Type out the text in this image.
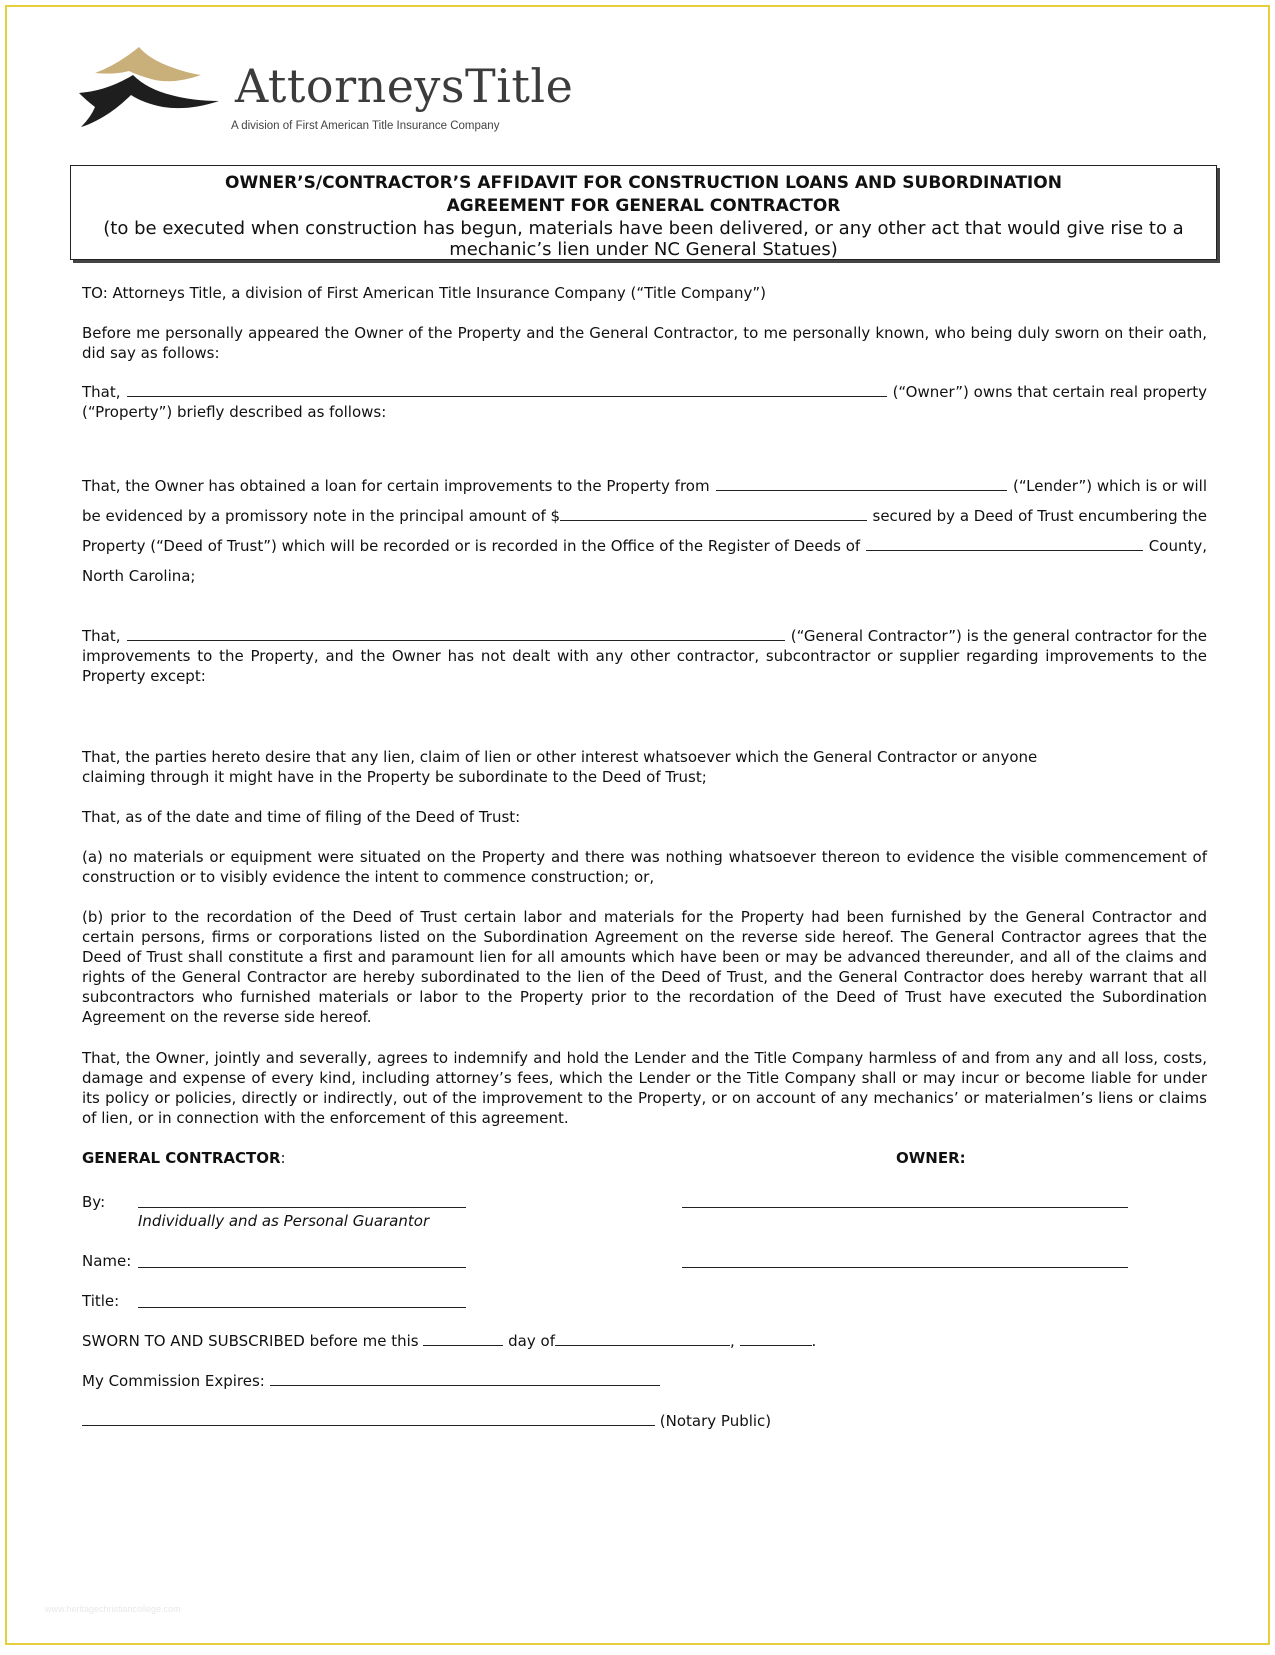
AttorneysTitle
A division of First American Title Insurance Company
OWNER’S/CONTRACTOR’S AFFIDAVIT FOR CONSTRUCTION LOANS AND SUBORDINATION
AGREEMENT FOR GENERAL CONTRACTOR
(to be executed when construction has begun, materials have been delivered, or any other act that would give rise to a mechanic’s lien under NC General Statues)
TO: Attorneys Title, a division of First American Title Insurance Company (“Title Company”)
Before me personally appeared the Owner of the Property and the General Contractor, to me personally known, who being duly sworn on their oath, did say as follows:
That,	(“Owner”) owns that certain real property
(“Property”) briefly described as follows:
That, the Owner has obtained a loan for certain improvements to the Property from	(“Lender”) which is or will
be evidenced by a promissory note in the principal amount of $	secured by a Deed of Trust encumbering the
Property (“Deed of Trust”) which will be recorded or is recorded in the Office of the Register of Deeds of	County,
North Carolina;
That,	(“General Contractor”) is the general contractor for the
improvements to the Property, and the Owner has not dealt with any other contractor, subcontractor or supplier regarding improvements to the Property except:
That, the parties hereto desire that any lien, claim of lien or other interest whatsoever which the General Contractor or anyone
claiming through it might have in the Property be subordinate to the Deed of Trust;
That, as of the date and time of filing of the Deed of Trust:
(a) no materials or equipment were situated on the Property and there was nothing whatsoever thereon to evidence the visible commencement of construction or to visibly evidence the intent to commence construction; or,
(b) prior to the recordation of the Deed of Trust certain labor and materials for the Property had been furnished by the General Contractor and certain persons, firms or corporations listed on the Subordination Agreement on the reverse side hereof. The General Contractor agrees that the Deed of Trust shall constitute a first and paramount lien for all amounts which have been or may be advanced thereunder, and all of the claims and rights of the General Contractor are hereby subordinated to the lien of the Deed of Trust, and the General Contractor does hereby warrant that all subcontractors who furnished materials or labor to the Property prior to the recordation of the Deed of Trust have executed the Subordination Agreement on the reverse side hereof.
That, the Owner, jointly and severally, agrees to indemnify and hold the Lender and the Title Company harmless of and from any and all loss, costs, damage and expense of every kind, including attorney’s fees, which the Lender or the Title Company shall or may incur or become liable for under its policy or policies, directly or indirectly, out of the improvement to the Property, or on account of any mechanics’ or materialmen’s liens or claims of lien, or in connection with the enforcement of this agreement.
GENERAL CONTRACTOR:	OWNER:
By:
Individually and as Personal Guarantor
Name:
Title:
SWORN TO AND SUBSCRIBED before me this	day of	,	.
My Commission Expires:
(Notary Public)
www.heritagechristiancollege.com
